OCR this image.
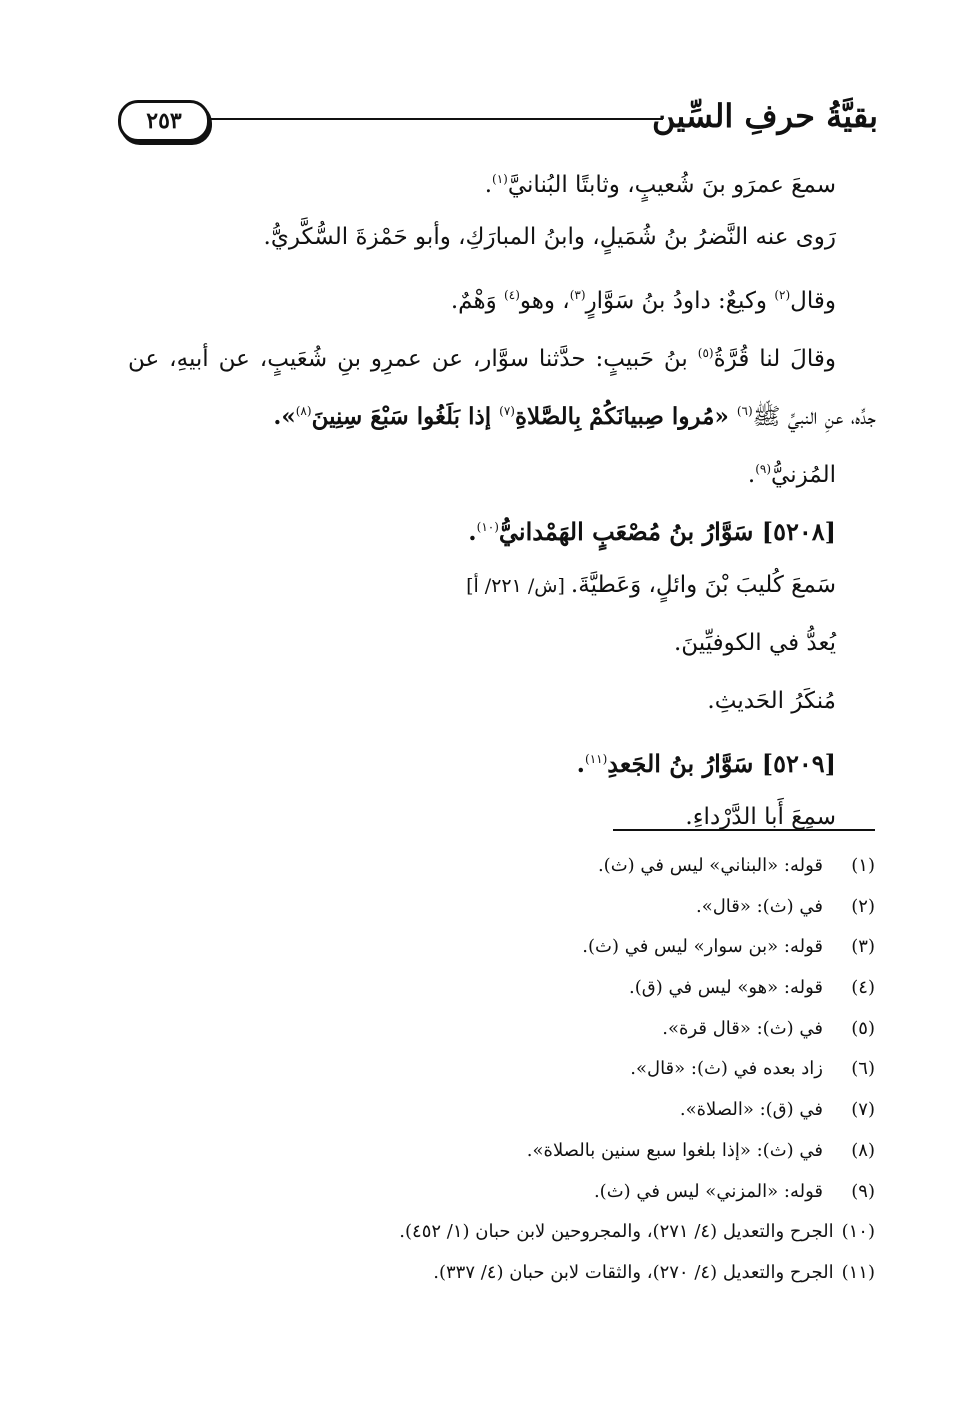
بقيَّةُ حرفِ السِّين
٢٥٣
سمعَ عمرَو بنَ شُعيبٍ، وثابتًا البُنانيَّ$^{(١)}$.
رَوى عنه النَّضرُ بنُ شُمَيلٍ، وابنُ المبارَكِ، وأبو حَمْزةَ السُّكَّريُّ.
وقال$^{(٢)}$ وكيعٌ: داودُ بنُ سَوَّارٍ$^{(٣)}$، وهو$^{(٤)}$ وَهْمٌ.
وقالَ لنا قُرَّةُ$^{(٥)}$ بنُ حَبيبٍ: حدَّثنا سوَّار، عن عمرِو بنِ شُعَيبٍ، عن أبيهِ، عن
جدِّه، عنِ النبيِّ ﷺ$^{(٦)}$ «مُروا صِبيانَكُمْ بِالصَّلاةِ$^{(٧)}$ إذا بَلَغُوا سَبْعَ سِنِينَ$^{(٨)}$».
المُزنيُّ$^{(٩)}$.
[٥٢٠٨] سَوَّارُ بنُ مُصْعَبٍ الهَمْدانيُّ$^{(١٠)}$.
سَمعَ كُليبَ بْنَ وائلٍ، وَعَطيَّةَ. [ش/ ٢٢١/ أ]
يُعدُّ في الكوفيِّينَ.
مُنكَرُ الحَديثِ.
[٥٢٠٩] سَوَّارُ بنُ الجَعدِ$^{(١١)}$.
سمِعَ أَبا الدَّرْداءِ.
(١)قوله: «البناني» ليس في (ث).
(٢)في (ث): «قال».
(٣)قوله: «بن سوار» ليس في (ث).
(٤)قوله: «هو» ليس في (ق).
(٥)في (ث): «قال قرة».
(٦)زاد بعده في (ث): «قال».
(٧)في (ق): «الصلاة».
(٨)في (ث): «إذا بلغوا سبع سنين بالصلاة».
(٩)قوله: «المزني» ليس في (ث).
(١٠)الجرح والتعديل (٤/ ٢٧١)، والمجروحين لابن حبان (١/ ٤٥٢).
(١١)الجرح والتعديل (٤/ ٢٧٠)، والثقات لابن حبان (٤/ ٣٣٧).
